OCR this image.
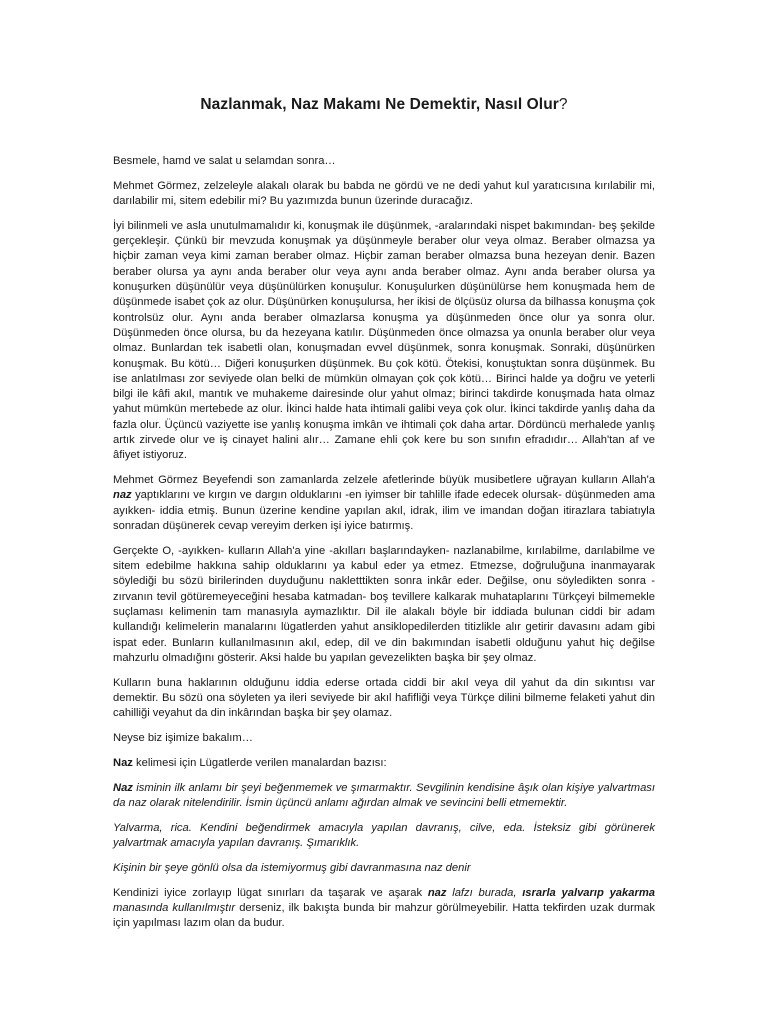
Nazlanmak, Naz Makamı Ne Demektir, Nasıl Olur?

Besmele, hamd ve salat u selamdan sonra…

Mehmet Görmez, zelzeleyle alakalı olarak bu babda ne gördü ve ne dedi yahut kul yaratıcısına kırılabilir mi, darılabilir mi, sitem edebilir mi? Bu yazımızda bunun üzerinde duracağız.

İyi bilinmeli ve asla unutulmamalıdır ki, konuşmak ile düşünmek, -aralarındaki nispet bakımından- beş şekilde gerçekleşir. Çünkü bir mevzuda konuşmak ya düşünmeyle beraber olur veya olmaz. Beraber olmazsa ya hiçbir zaman veya kimi zaman beraber olmaz. Hiçbir zaman beraber olmazsa buna hezeyan denir. Bazen beraber olursa ya aynı anda beraber olur veya aynı anda beraber olmaz. Aynı anda beraber olursa ya konuşurken düşünülür veya düşünülürken konuşulur. Konuşulurken düşünülürse hem konuşmada hem de düşünmede isabet çok az olur. Düşünürken konuşulursa, her ikisi de ölçüsüz olursa da bilhassa konuşma çok kontrolsüz olur. Aynı anda beraber olmazlarsa konuşma ya düşünmeden önce olur ya sonra olur. Düşünmeden önce olursa, bu da hezeyana katılır. Düşünmeden önce olmazsa ya onunla beraber olur veya olmaz. Bunlardan tek isabetli olan, konuşmadan evvel düşünmek, sonra konuşmak. Sonraki, düşünürken konuşmak. Bu kötü… Diğeri konuşurken düşünmek. Bu çok kötü. Ötekisi, konuştuktan sonra düşünmek. Bu ise anlatılması zor seviyede olan belki de mümkün olmayan çok çok kötü… Birinci halde ya doğru ve yeterli bilgi ile kâfi akıl, mantık ve muhakeme dairesinde olur yahut olmaz; birinci takdirde konuşmada hata olmaz yahut mümkün mertebede az olur. İkinci halde hata ihtimali galibi veya çok olur. İkinci takdirde yanlış daha da fazla olur. Üçüncü vaziyette ise yanlış konuşma imkân ve ihtimali çok daha artar. Dördüncü merhalede yanlış artık zirvede olur ve iş cinayet halini alır… Zamane ehli çok kere bu son sınıfın efradıdır… Allah'tan af ve âfiyet istiyoruz.

Mehmet Görmez Beyefendi son zamanlarda zelzele afetlerinde büyük musibetlere uğrayan kulların Allah'a naz yaptıklarını ve kırgın ve dargın olduklarını -en iyimser bir tahlille ifade edecek olursak- düşünmeden ama ayıkken- iddia etmiş. Bunun üzerine kendine yapılan akıl, idrak, ilim ve imandan doğan itirazlara tabiatıyla sonradan düşünerek cevap vereyim derken işi iyice batırmış.

Gerçekte O, -ayıkken- kulların Allah'a yine -akılları başlarındayken- nazlanabilme, kırılabilme, darılabilme ve sitem edebilme hakkına sahip olduklarını ya kabul eder ya etmez. Etmezse, doğruluğuna inanmayarak söylediği bu sözü birilerinden duyduğunu nakletttikten sonra inkâr eder. Değilse, onu söyledikten sonra -zırvanın tevil götüremeyeceğini hesaba katmadan- boş tevillere kalkarak muhataplarını Türkçeyi bilmemekle suçlaması kelimenin tam manasıyla aymazlıktır. Dil ile alakalı böyle bir iddiada bulunan ciddi bir adam kullandığı kelimelerin manalarını lügatlerden yahut ansiklopedilerden titizlikle alır getirir davasını adam gibi ispat eder. Bunların kullanılmasının akıl, edep, dil ve din bakımından isabetli olduğunu yahut hiç değilse mahzurlu olmadığını gösterir. Aksi halde bu yapılan gevezelikten başka bir şey olmaz.

Kulların buna haklarının olduğunu iddia ederse ortada ciddi bir akıl veya dil yahut da din sıkıntısı var demektir. Bu sözü ona söyleten ya ileri seviyede bir akıl hafifliği veya Türkçe dilini bilmeme felaketi yahut din cahilliği veyahut da din inkârından başka bir şey olamaz.

Neyse biz işimize bakalım…

Naz kelimesi için Lügatlerde verilen manalardan bazısı:

Naz isminin ilk anlamı bir şeyi beğenmemek ve şımarmaktır. Sevgilinin kendisine âşık olan kişiye yalvartması da naz olarak nitelendirilir. İsmin üçüncü anlamı ağırdan almak ve sevincini belli etmemektir.

Yalvarma, rica. Kendini beğendirmek amacıyla yapılan davranış, cilve, eda. İsteksiz gibi görünerek yalvartmak amacıyla yapılan davranış. Şımarıklık.

Kişinin bir şeye gönlü olsa da istemiyormuş gibi davranmasına naz denir

Kendinizi iyice zorlayıp lügat sınırları da taşarak ve aşarak naz lafzı burada, ısrarla yalvarıp yakarma manasında kullanılmıştır derseniz, ilk bakışta bunda bir mahzur görülmeyebilir. Hatta tekfirden uzak durmak için yapılması lazım olan da budur.
